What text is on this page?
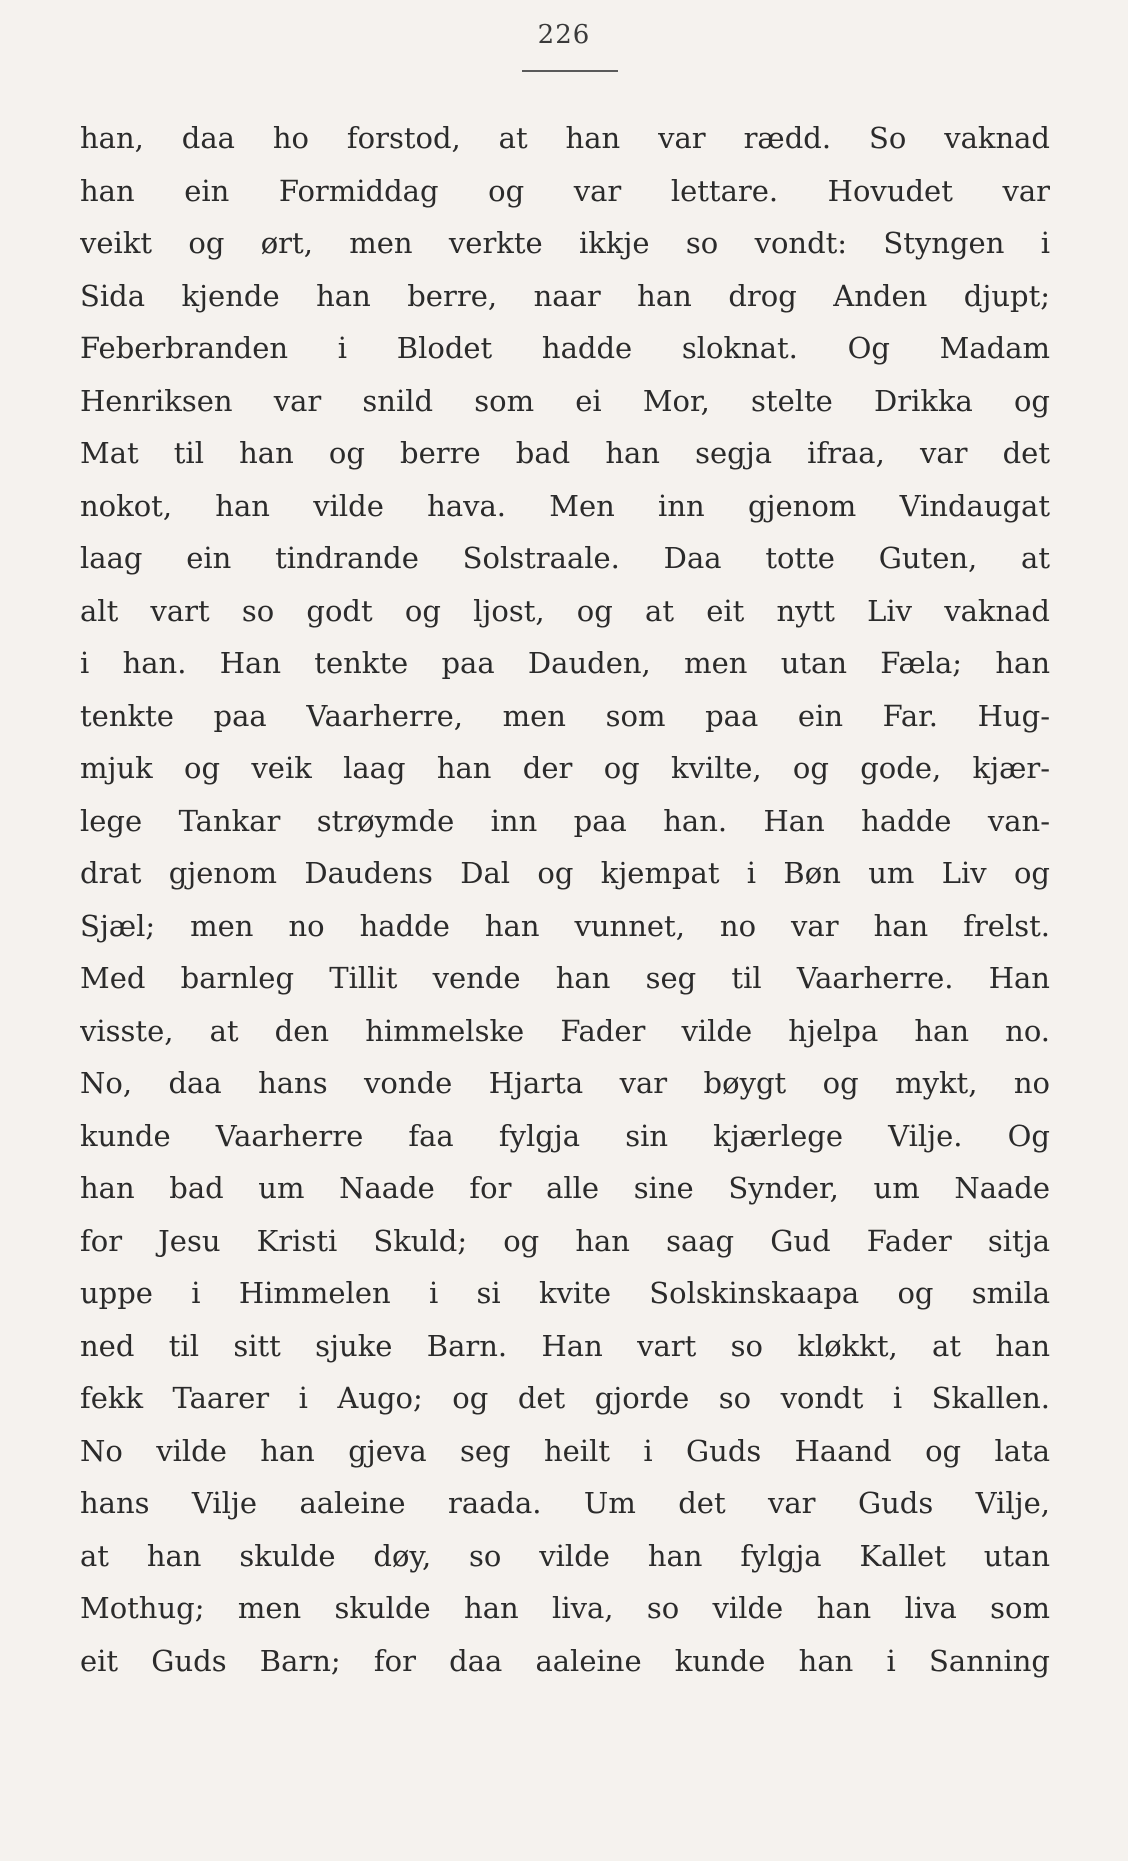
226
han, daa ho forstod, at han var rædd. So vaknad
han ein Formiddag og var lettare. Hovudet var
veikt og ørt, men verkte ikkje so vondt: Styngen i
Sida kjende han berre, naar han drog Anden djupt;
Feberbranden i Blodet hadde sloknat. Og Madam
Henriksen var snild som ei Mor, stelte Drikka og
Mat til han og berre bad han segja ifraa, var det
nokot, han vilde hava. Men inn gjenom Vindaugat
laag ein tindrande Solstraale. Daa totte Guten, at
alt vart so godt og ljost, og at eit nytt Liv vaknad
i han. Han tenkte paa Dauden, men utan Fæla; han
tenkte paa Vaarherre, men som paa ein Far. Hug-
mjuk og veik laag han der og kvilte, og gode, kjær-
lege Tankar strøymde inn paa han. Han hadde van-
drat gjenom Daudens Dal og kjempat i Bøn um Liv og
Sjæl; men no hadde han vunnet, no var han frelst.
Med barnleg Tillit vende han seg til Vaarherre. Han
visste, at den himmelske Fader vilde hjelpa han no.
No, daa hans vonde Hjarta var bøygt og mykt, no
kunde Vaarherre faa fylgja sin kjærlege Vilje. Og
han bad um Naade for alle sine Synder, um Naade
for Jesu Kristi Skuld; og han saag Gud Fader sitja
uppe i Himmelen i si kvite Solskinskaapa og smila
ned til sitt sjuke Barn. Han vart so kløkkt, at han
fekk Taarer i Augo; og det gjorde so vondt i Skallen.
No vilde han gjeva seg heilt i Guds Haand og lata
hans Vilje aaleine raada. Um det var Guds Vilje,
at han skulde døy, so vilde han fylgja Kallet utan
Mothug; men skulde han liva, so vilde han liva som
eit Guds Barn; for daa aaleine kunde han i Sanning
